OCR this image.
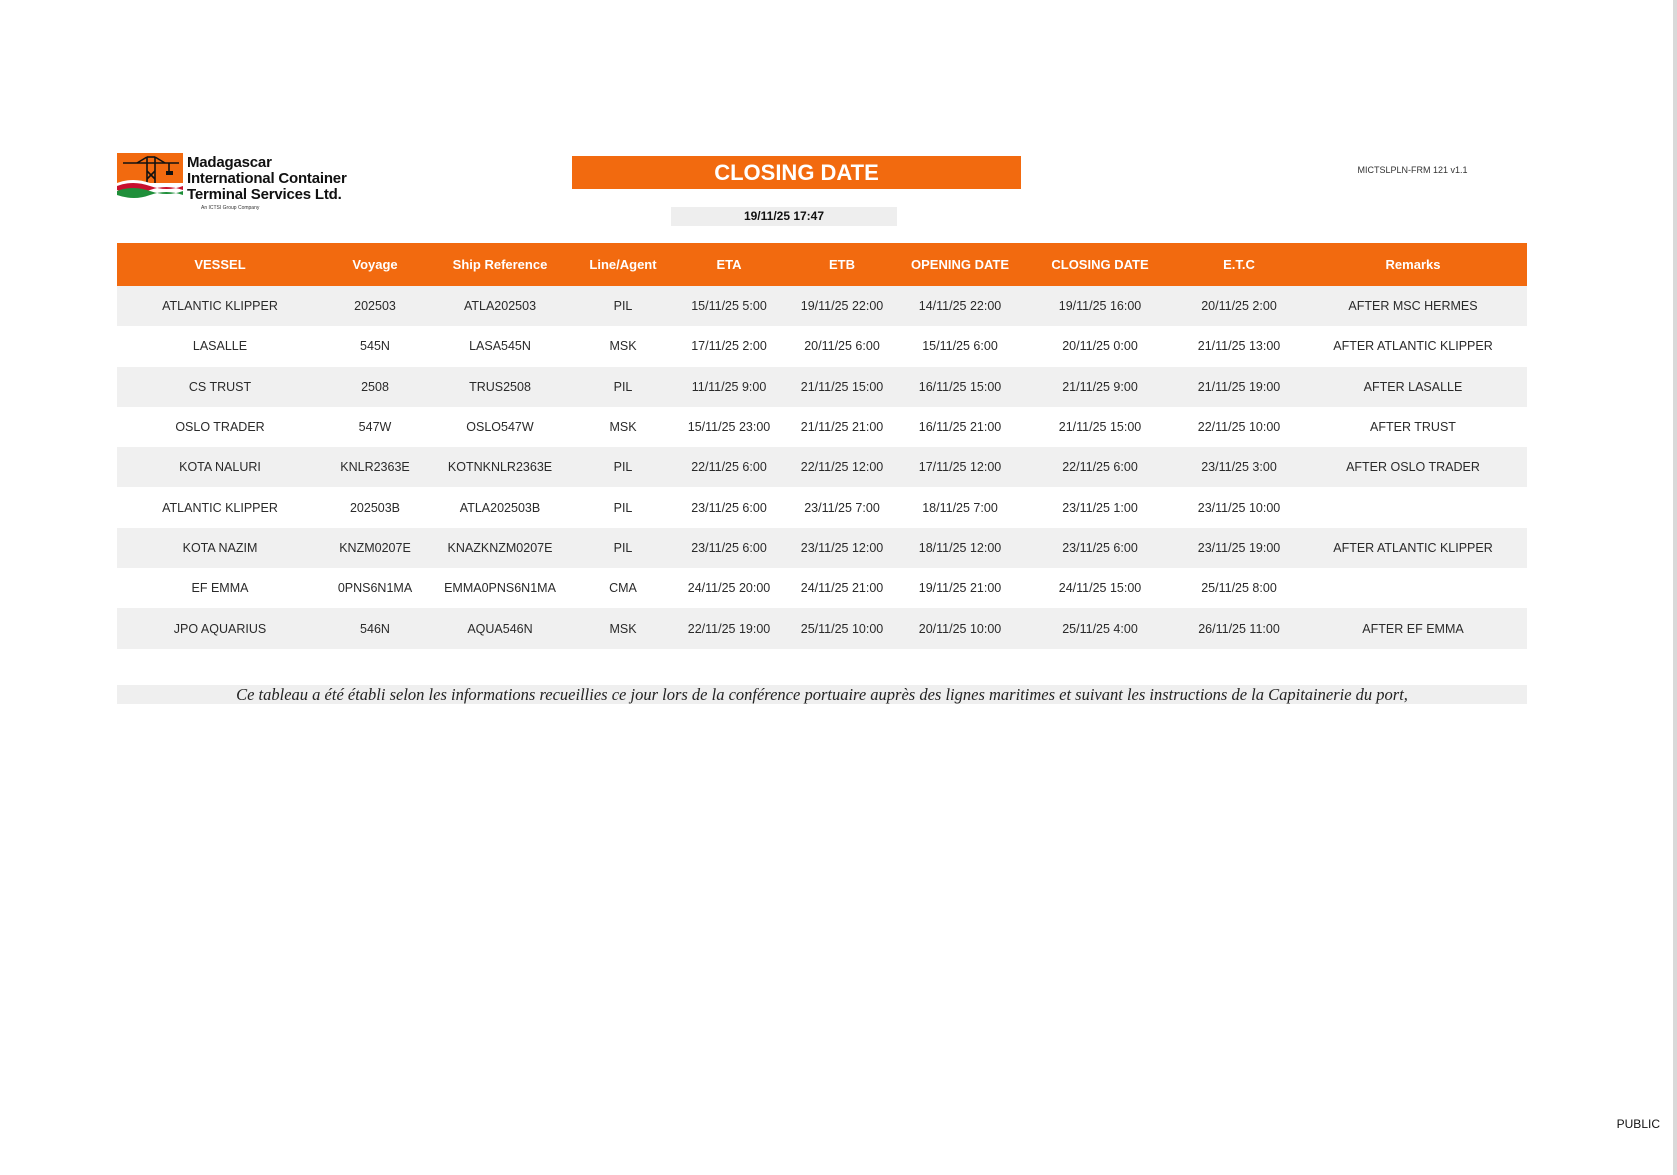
Madagascar
International Container
Terminal Services Ltd.
An ICTSI Group Company
CLOSING DATE
19/11/25 17:47
MICTSLPLN-FRM 121 v1.1
VESSEL	Voyage	Ship Reference	Line/Agent	ETA	ETB	OPENING DATE	CLOSING DATE	E.T.C	Remarks
ATLANTIC KLIPPER	202503	ATLA202503	PIL	15/11/25 5:00	19/11/25 22:00	14/11/25 22:00	19/11/25 16:00	20/11/25 2:00	AFTER MSC HERMES
LASALLE	545N	LASA545N	MSK	17/11/25 2:00	20/11/25 6:00	15/11/25 6:00	20/11/25 0:00	21/11/25 13:00	AFTER ATLANTIC KLIPPER
CS TRUST	2508	TRUS2508	PIL	11/11/25 9:00	21/11/25 15:00	16/11/25 15:00	21/11/25 9:00	21/11/25 19:00	AFTER LASALLE
OSLO TRADER	547W	OSLO547W	MSK	15/11/25 23:00	21/11/25 21:00	16/11/25 21:00	21/11/25 15:00	22/11/25 10:00	AFTER TRUST
KOTA NALURI	KNLR2363E	KOTNKNLR2363E	PIL	22/11/25 6:00	22/11/25 12:00	17/11/25 12:00	22/11/25 6:00	23/11/25 3:00	AFTER OSLO TRADER
ATLANTIC KLIPPER	202503B	ATLA202503B	PIL	23/11/25 6:00	23/11/25 7:00	18/11/25 7:00	23/11/25 1:00	23/11/25 10:00	
KOTA NAZIM	KNZM0207E	KNAZKNZM0207E	PIL	23/11/25 6:00	23/11/25 12:00	18/11/25 12:00	23/11/25 6:00	23/11/25 19:00	AFTER ATLANTIC KLIPPER
EF EMMA	0PNS6N1MA	EMMA0PNS6N1MA	CMA	24/11/25 20:00	24/11/25 21:00	19/11/25 21:00	24/11/25 15:00	25/11/25 8:00	
JPO AQUARIUS	546N	AQUA546N	MSK	22/11/25 19:00	25/11/25 10:00	20/11/25 10:00	25/11/25 4:00	26/11/25 11:00	AFTER EF EMMA
Ce tableau a été établi selon les informations recueillies ce jour lors de la conférence portuaire auprès des lignes maritimes et suivant les instructions de la Capitainerie du port,
PUBLIC
